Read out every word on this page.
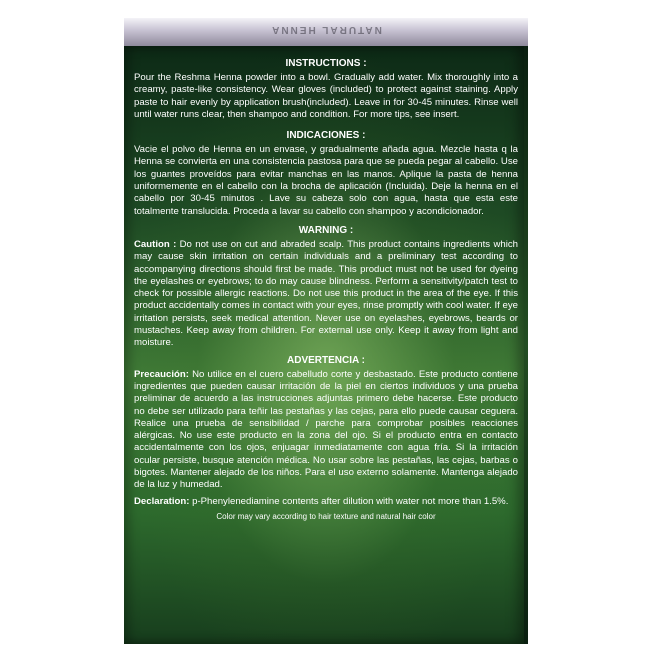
NATURAL HENNA
INSTRUCTIONS :

Pour the Reshma Henna powder into a bowl. Gradually add water. Mix thoroughly into a creamy, paste-like consistency. Wear gloves (included) to protect against staining. Apply paste to hair evenly by application brush(included). Leave in for 30-45 minutes. Rinse well until water runs clear, then shampoo and condition. For more tips, see insert.

INDICACIONES :

Vacie el polvo de Henna en un envase, y gradualmente añada agua. Mezcle hasta q la Henna se convierta en una consistencia pastosa para que se pueda pegar al cabello. Use los guantes proveídos para evitar manchas en las manos. Aplique la pasta de henna uniformemente en el cabello con la brocha de aplicación (Incluida). Deje la henna en el cabello por 30-45 minutos . Lave su cabeza solo con agua, hasta que esta este totalmente translucida. Proceda a lavar su cabello con shampoo y acondicionador.

WARNING :

Caution : Do not use on cut and abraded scalp. This product contains ingredients which may cause skin irritation on certain individuals and a preliminary test according to accompanying directions should first be made. This product must not be used for dyeing the eyelashes or eyebrows; to do may cause blindness. Perform a sensitivity/patch test to check for possible allergic reactions. Do not use this product in the area of the eye. If this product accidentally comes in contact with your eyes, rinse promptly with cool water. If eye irritation persists, seek medical attention. Never use on eyelashes, eyebrows, beards or mustaches. Keep away from children. For external use only. Keep it away from light and moisture.

ADVERTENCIA :

Precaución: No utilice en el cuero cabelludo corte y desbastado. Este producto contiene ingredientes que pueden causar irritación de la piel en ciertos individuos y una prueba preliminar de acuerdo a las instrucciones adjuntas primero debe hacerse. Este producto no debe ser utilizado para teñir las pestañas y las cejas, para ello puede causar ceguera. Realice una prueba de sensibilidad / parche para comprobar posibles reacciones alérgicas. No use este producto en la zona del ojo. Si el producto entra en contacto accidentalmente con los ojos, enjuagar inmediatamente con agua fría. Si la irritación ocular persiste, busque atención médica. No usar sobre las pestañas, las cejas, barbas o bigotes. Mantener alejado de los niños. Para el uso externo solamente. Mantenga alejado de la luz y humedad.

Declaration: p-Phenylenediamine contents after dilution with water not more than 1.5%.

Color may vary according to hair texture and natural hair color
